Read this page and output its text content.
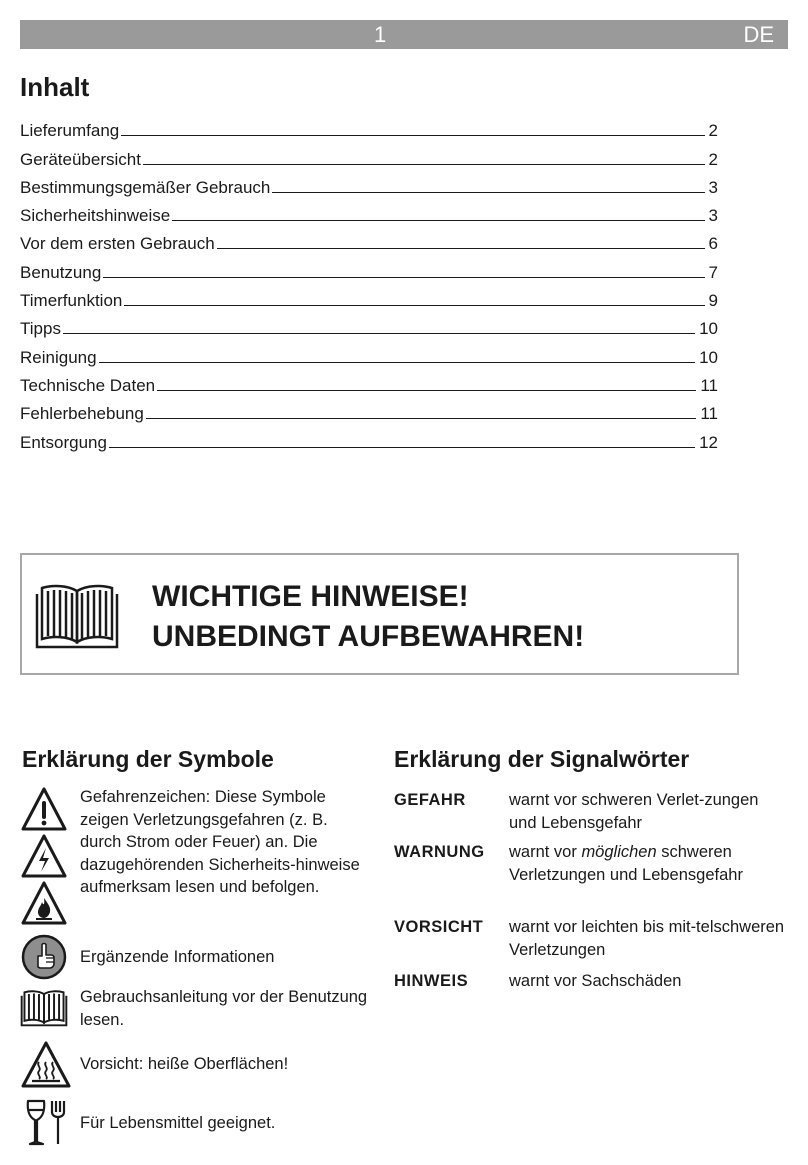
1	DE
Inhalt
Lieferumfang	2
Geräteübersicht	2
Bestimmungsgemäßer Gebrauch	3
Sicherheitshinweise	3
Vor dem ersten Gebrauch	6
Benutzung	7
Timerfunktion	9
Tipps	10
Reinigung	10
Technische Daten	11
Fehlerbehebung	11
Entsorgung	12
WICHTIGE HINWEISE!
UNBEDINGT AUFBEWAHREN!
Erklärung der Symbole
Gefahrenzeichen: Diese Symbole zeigen Verletzungsgefahren (z. B. durch Strom oder Feuer) an. Die dazugehörenden Sicherheits-hinweise aufmerksam lesen und befolgen.
Ergänzende Informationen
Gebrauchsanleitung vor der Benutzung lesen.
Vorsicht: heiße Oberflächen!
Für Lebensmittel geeignet.
Erklärung der Signalwörter
GEFAHR	warnt vor schweren Verlet-zungen und Lebensgefahr
WARNUNG warnt vor möglichen schweren Verletzungen und Lebensgefahr
VORSICHT warnt vor leichten bis mit-telschweren Verletzungen
HINWEIS warnt vor Sachschäden
